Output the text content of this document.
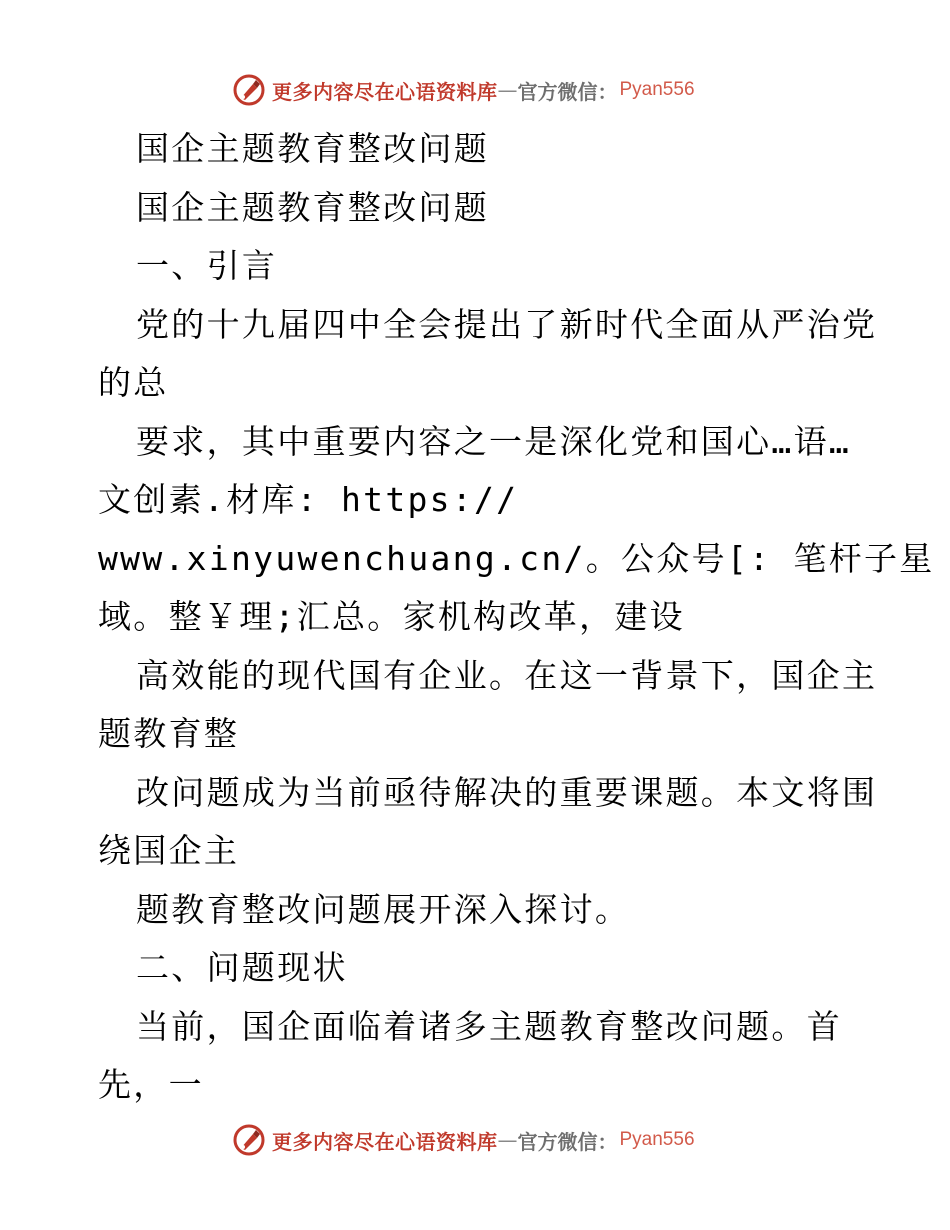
更多内容尽在心语资料库 — 官方微信： Pyan556
国企主题教育整改问题
国企主题教育整改问题
一、引言
党的十九届四中全会提出了新时代全面从严治党
的总
要求，其中重要内容之一是深化党和国心…语…
文创素.材库: https://
www.xinyuwenchuang.cn/。公众号[: 笔杆子星
域。整￥理;汇总。家机构改革，建设
高效能的现代国有企业。在这一背景下，国企主
题教育整
改问题成为当前亟待解决的重要课题。本文将围
绕国企主
题教育整改问题展开深入探讨。
二、问题现状
当前，国企面临着诸多主题教育整改问题。首
先，一
更多内容尽在心语资料库 — 官方微信： Pyan556
